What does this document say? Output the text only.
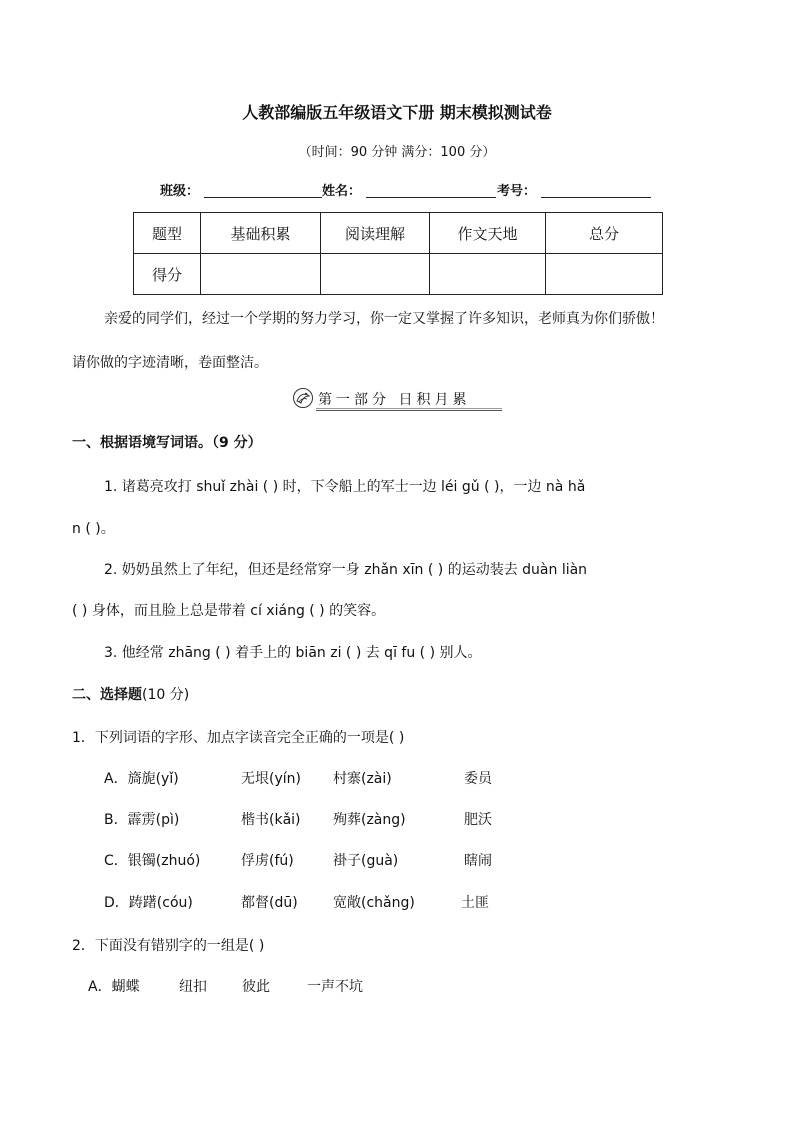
人教部编版五年级语文下册 期末模拟测试卷
（时间：90 分钟 满分：100 分）
班级：	姓名：	考号：
题型	基础积累	阅读理解	作文天地	总分
得分				
亲爱的同学们，经过一个学期的努力学习，你一定又掌握了许多知识，老师真为你们骄傲！
请你做的字迹清晰，卷面整洁。
第一部分 日积月累
一、根据语境写词语。（9 分）
1. 诸葛亮攻打 shuǐ zhài ( ) 时，下令船上的军士一边 léi gǔ ( )，一边 nà hǎ
n ( )。
2. 奶奶虽然上了年纪，但还是经常穿一身 zhǎn xīn ( ) 的运动装去 duàn liàn
( ) 身体，而且脸上总是带着 cí xiáng ( ) 的笑容。
3. 他经常 zhāng ( ) 着手上的 biān zi ( ) 去 qī fu ( ) 别人。
二、选择题(10 分)
1．下列词语的字形、加点字读音完全正确的一项是( )
A．旖旎(yǐ)	无垠(yín) 村寨(zài)	委员
B．霹雳(pì)	楷书(kǎi) 殉葬(zàng)	肥沃
C．银镯(zhuó)	俘虏(fú)	褂子(guà)	瞎闹
D．踌躇(cóu)	都督(dū)	宽敞(chǎng)	土匪
2．下面没有错别字的一组是( )
A．蝴蝶	纽扣	彼此	一声不坑
